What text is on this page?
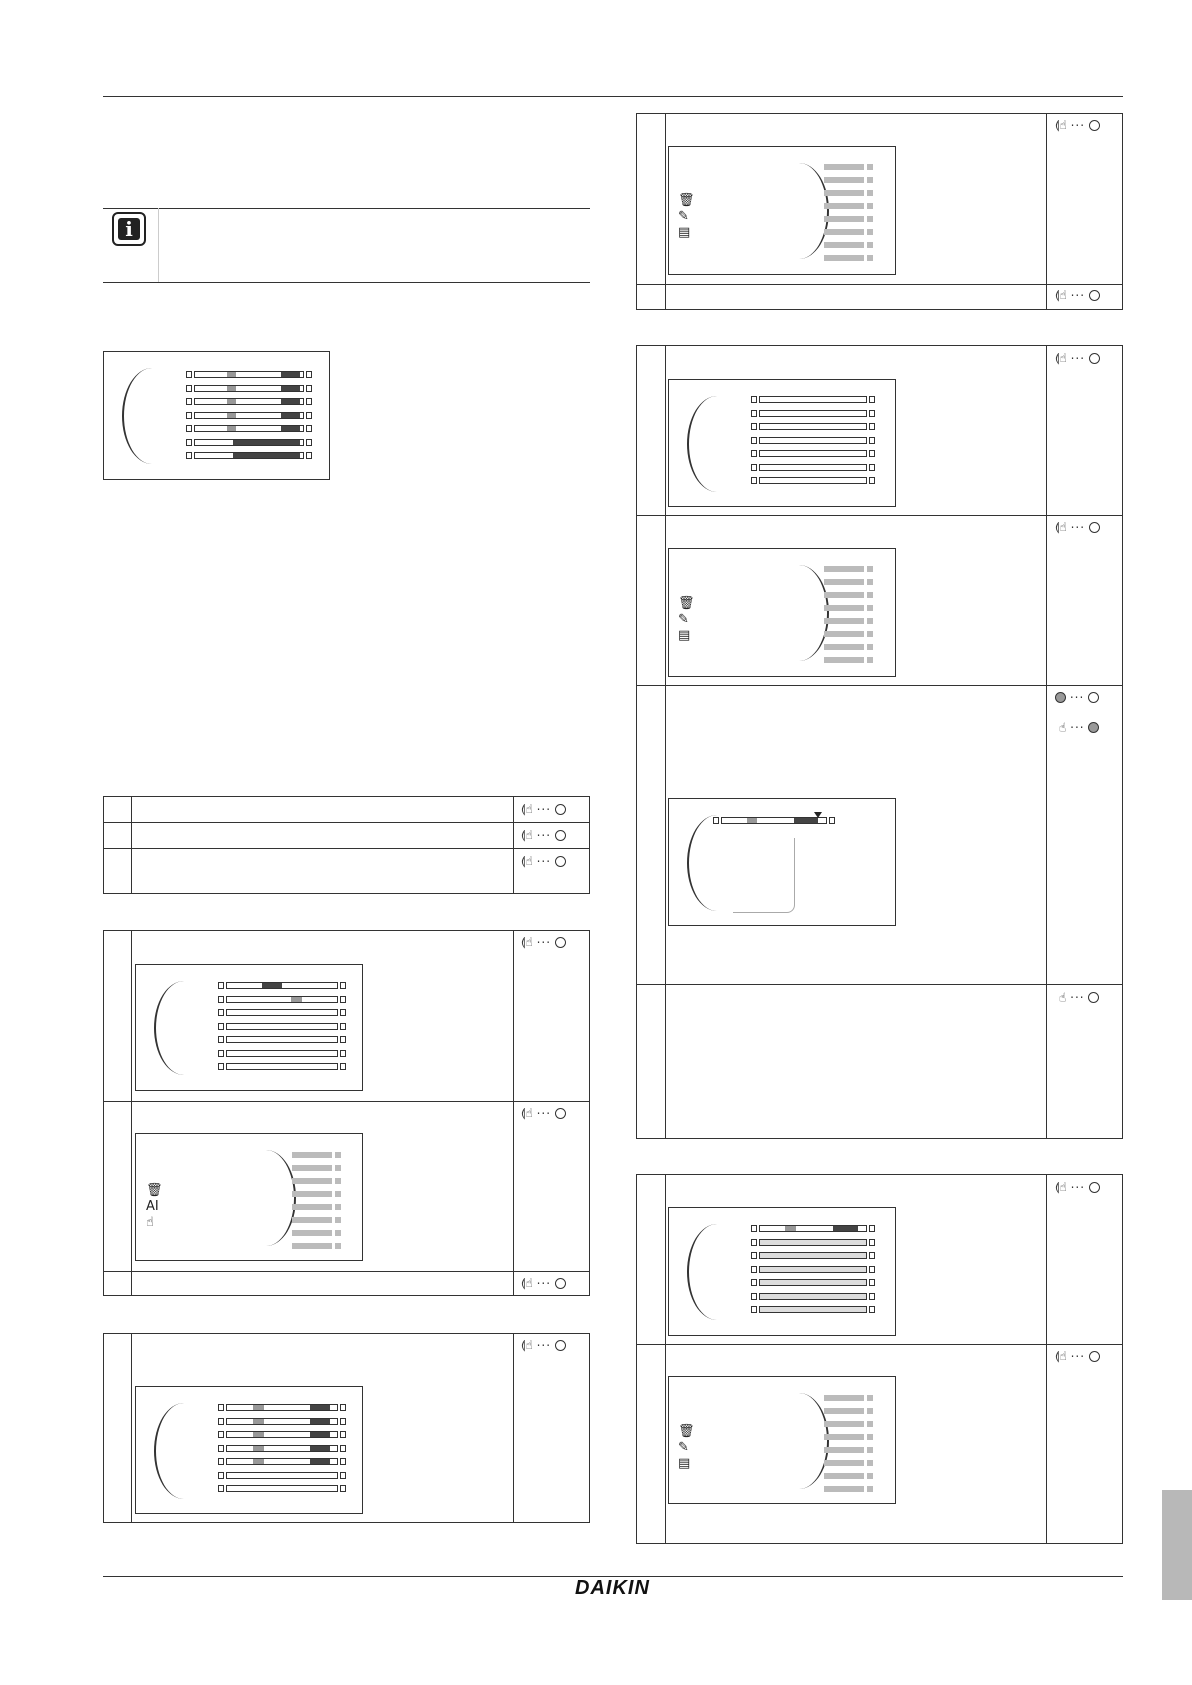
DAIKIN
i
🗑
AI
☝
🗑
✎
▤
🗑
✎
▤
🗑
✎
▤
⟬☝ ···
⟬☝ ···
⟬☝ ···
⟬☝ ···
⟬☝ ···
⟬☝ ···
⟬☝ ···
⟬☝ ···
⟬☝ ···
⟬☝ ···
⟬☝ ···
⟬☝ ···
⟬☝ ···
···
☝ ···
☝ ···
